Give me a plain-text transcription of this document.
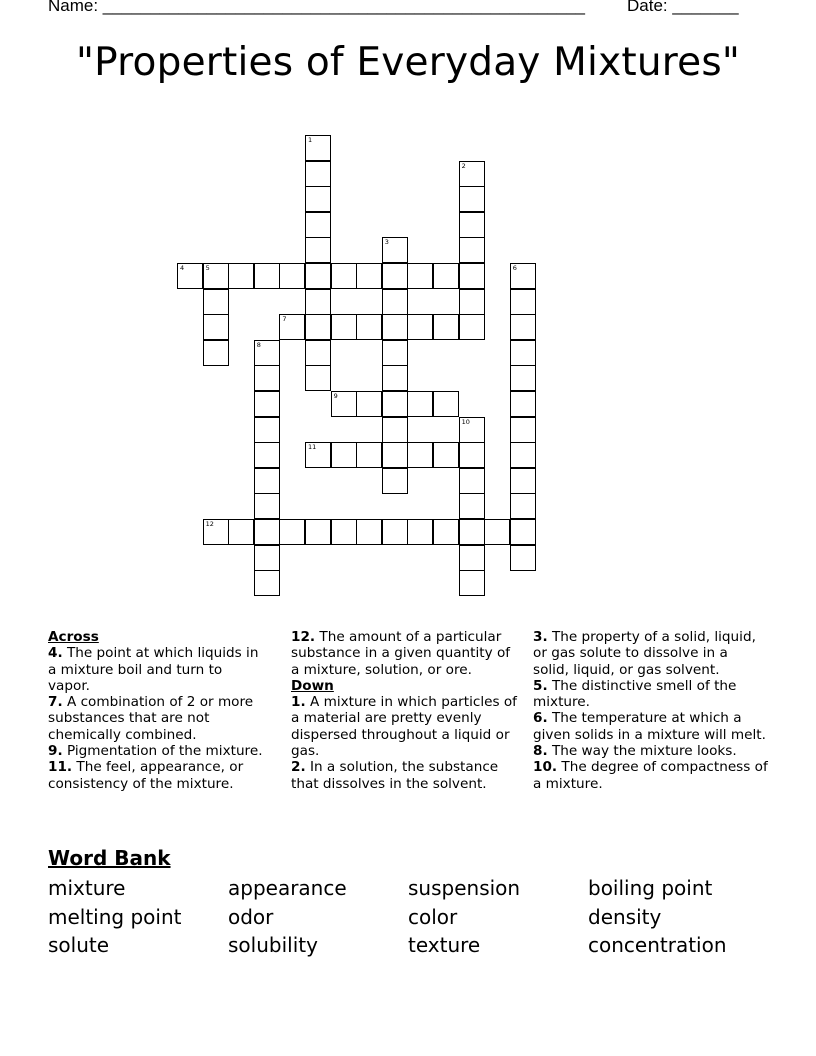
Name: ___________________________________________________ Date: _______
"Properties of Everyday Mixtures"
1
2
3
4	5	6
7
8
9
10
11
12
Across

4. The point at which liquids in a mixture boil and turn to vapor.

7. A combination of 2 or more substances that are not chemically combined.

9. Pigmentation of the mixture.

11. The feel, appearance, or consistency of the mixture.

12. The amount of a particular substance in a given quantity of a mixture, solution, or ore.

Down

1. A mixture in which particles of a material are pretty evenly dispersed throughout a liquid or gas.

2. In a solution, the substance that dissolves in the solvent.

3. The property of a solid, liquid, or gas solute to dissolve in a solid, liquid, or gas solvent.

5. The distinctive smell of the mixture.

6. The temperature at which a given solids in a mixture will melt.

8. The way the mixture looks.

10. The degree of compactness of a mixture.

Word Bank
mixture	appearance	suspension	boiling point
melting point	odor	color	density
solute	solubility	texture	concentration
